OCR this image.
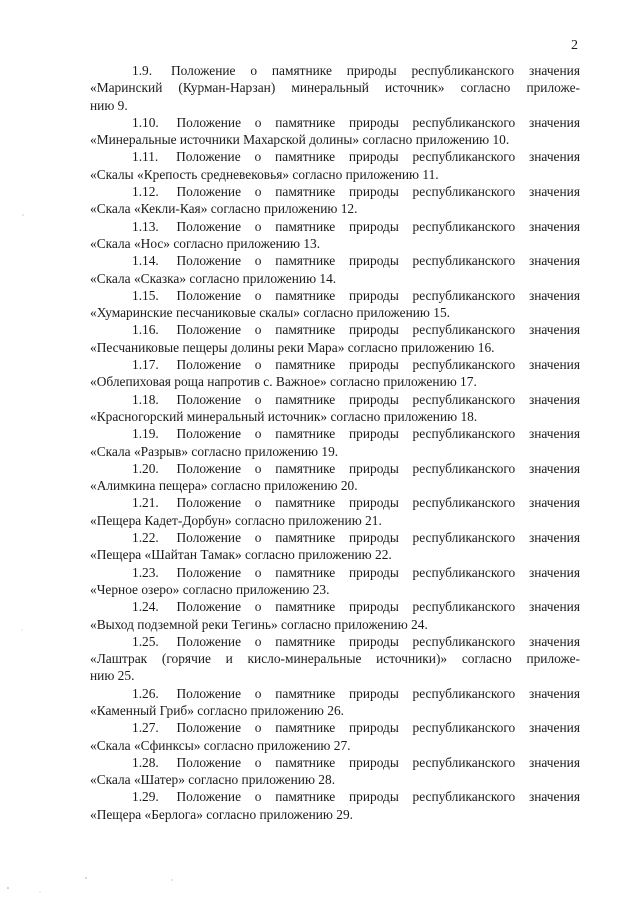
2
1.9. Положение о памятнике природы республиканского значения
«Маринский (Курман-Нарзан) минеральный источник» согласно приложе-
нию 9.
1.10. Положение о памятнике природы республиканского значения
«Минеральные источники Махарской долины» согласно приложению 10.
1.11. Положение о памятнике природы республиканского значения
«Скалы «Крепость средневековья» согласно приложению 11.
1.12. Положение о памятнике природы республиканского значения
«Скала «Кекли-Кая» согласно приложению 12.
1.13. Положение о памятнике природы республиканского значения
«Скала «Нос» согласно приложению 13.
1.14. Положение о памятнике природы республиканского значения
«Скала «Сказка» согласно приложению 14.
1.15. Положение о памятнике природы республиканского значения
«Хумаринские песчаниковые скалы» согласно приложению 15.
1.16. Положение о памятнике природы республиканского значения
«Песчаниковые пещеры долины реки Мара» согласно приложению 16.
1.17. Положение о памятнике природы республиканского значения
«Облепиховая роща напротив с. Важное» согласно приложению 17.
1.18. Положение о памятнике природы республиканского значения
«Красногорский минеральный источник» согласно приложению 18.
1.19. Положение о памятнике природы республиканского значения
«Скала «Разрыв» согласно приложению 19.
1.20. Положение о памятнике природы республиканского значения
«Алимкина пещера» согласно приложению 20.
1.21. Положение о памятнике природы республиканского значения
«Пещера Кадет-Дорбун» согласно приложению 21.
1.22. Положение о памятнике природы республиканского значения
«Пещера «Шайтан Тамак» согласно приложению 22.
1.23. Положение о памятнике природы республиканского значения
«Черное озеро» согласно приложению 23.
1.24. Положение о памятнике природы республиканского значения
«Выход подземной реки Тегинь» согласно приложению 24.
1.25. Положение о памятнике природы республиканского значения
«Лаштрак (горячие и кисло-минеральные источники)» согласно приложе-
нию 25.
1.26. Положение о памятнике природы республиканского значения
«Каменный Гриб» согласно приложению 26.
1.27. Положение о памятнике природы республиканского значения
«Скала «Сфинксы» согласно приложению 27.
1.28. Положение о памятнике природы республиканского значения
«Скала «Шатер» согласно приложению 28.
1.29. Положение о памятнике природы республиканского значения
«Пещера «Берлога» согласно приложению 29.
